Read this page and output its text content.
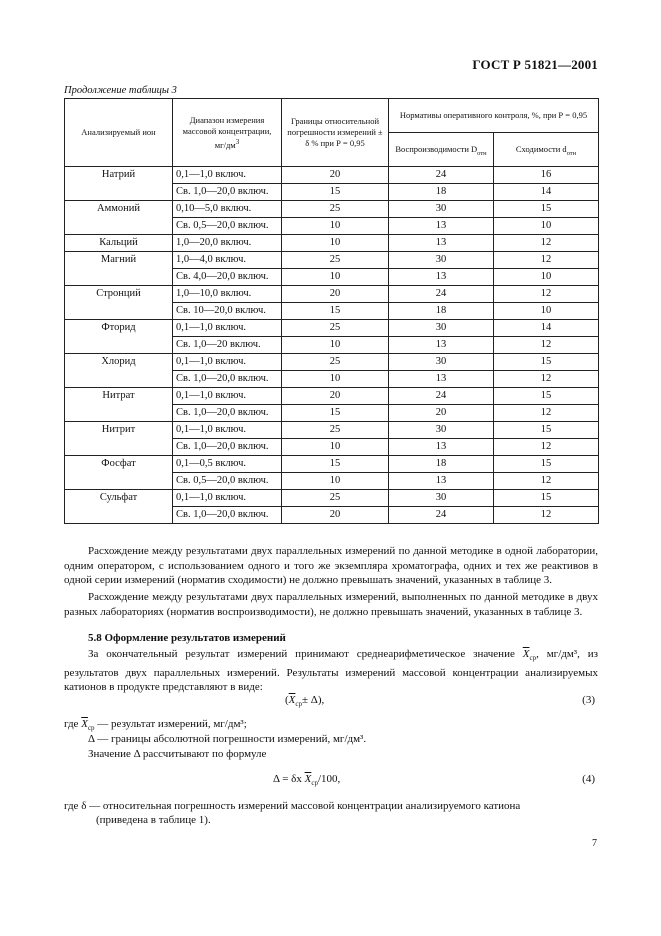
ГОСТ Р 51821—2001
Продолжение таблицы 3
Анализируемый ион	Диапазон измерения массовой концентрации, $мг/дм^3$	Границы относительной погрешности измерений ± δ % при Р = 0,95	Нормативы оперативного контроля, %, при Р = 0,95	
			Воспроизводимости $D_{отн}$	Сходимости $d_{отн}$
Натрий	0,1—1,0 включ.	20	24	16
	Св. 1,0—20,0 включ.	15	18	14
Аммоний	0,10—5,0 включ.	25	30	15
	Св. 0,5—20,0 включ.	10	13	10
Кальций	1,0—20,0 включ.	10	13	12
Магний	1,0—4,0 включ.	25	30	12
	Св. 4,0—20,0 включ.	10	13	10
Стронций	1,0—10,0 включ.	20	24	12
	Св. 10—20,0 включ.	15	18	10
Фторид	0,1—1,0 включ.	25	30	14
	Св. 1,0—20 включ.	10	13	12
Хлорид	0,1—1,0 включ.	25	30	15
	Св. 1,0—20,0 включ.	10	13	12
Нитрат	0,1—1,0 включ.	20	24	15
	Св. 1,0—20,0 включ.	15	20	12
Нитрит	0,1—1,0 включ.	25	30	15
	Св. 1,0—20,0 включ.	10	13	12
Фосфат	0,1—0,5 включ.	15	18	15
	Св. 0,5—20,0 включ.	10	13	12
Сульфат	0,1—1,0 включ.	25	30	15
	Св. 1,0—20,0 включ.	20	24	12
Расхождение между результатами двух параллельных измерений по данной методике в одной лаборатории, одним оператором, с использованием одного и того же экземпляра хроматографа, одних и тех же реактивов в одной серии измерений (норматив сходимости) не должно превышать значений, указанных в таблице 3.
Расхождение между результатами двух параллельных измерений, выполненных по данной методике в двух разных лабораториях (норматив воспроизводимости), не должно превышать значений, указанных в таблице 3.
5.8 Оформление результатов измерений
За окончательный результат измерений принимают среднеарифметическое значение $\overline{X}_{ср}$, мг/дм³, из результатов двух параллельных измерений. Результаты измерений массовой концентрации анализируемых катионов в продукте представляют в виде:
$(\overline{X}_{ср}\pm \Delta)$,	(3)
где $\overline{X}_{ср}$ — результат измерений, мг/дм³;
Δ — границы абсолютной погрешности измерений, мг/дм³.
Значение Δ рассчитывают по формуле
Δ = δx $\overline{X}_{ср}/100$,	(4)
где δ — относительная погрешность измерений массовой концентрации анализируемого катиона
(приведена в таблице 1).
7
